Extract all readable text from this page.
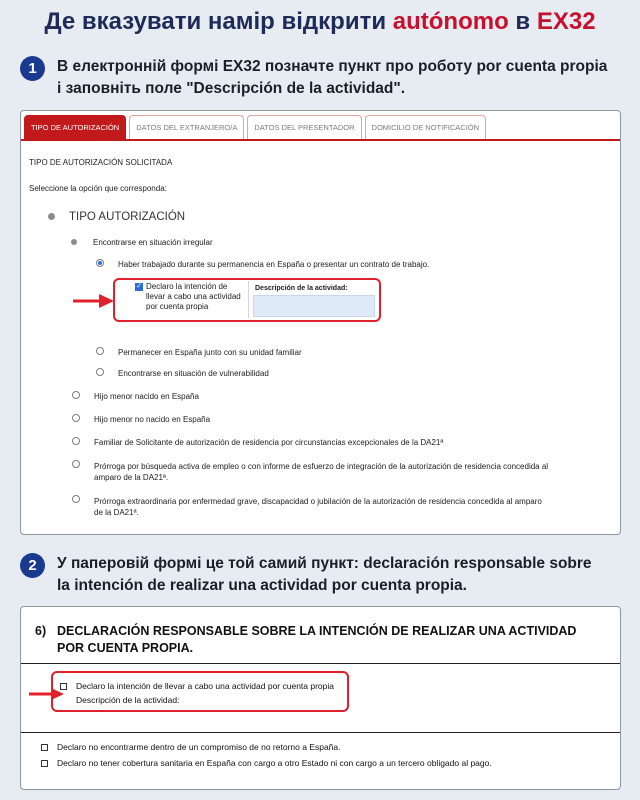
Де вказувати намір відкрити autónomo в EX32
1	В електронній формі EX32 позначте пункт про роботу por cuenta propia
і заповніть поле "Descripción de la actividad".
TIPO DE AUTORIZACIÓN	DATOS DEL EXTRANJERO/A	DATOS DEL PRESENTADOR	DOMICILIO DE NOTIFICACIÓN
TIPO DE AUTORIZACIÓN SOLICITADA
Seleccione la opción que corresponda:
TIPO AUTORIZACIÓN
Encontrarse en situación irregular
Haber trabajado durante su permanencia en España o presentar un contrato de trabajo.
✓ Declaro la intención de
llevar a cabo una actividad
por cuenta propia
Descripción de la actividad:
Permanecer en España junto con su unidad familiar
Encontrarse en situación de vulnerabilidad
Hijo menor nacido en España
Hijo menor no nacido en España
Familiar de Solicitante de autorización de residencia por circunstancias excepcionales de la DA21ª
Prórroga por búsqueda activa de empleo o con informe de esfuerzo de integración de la autorización de residencia concedida al
amparo de la DA21ª.
Prórroga extraordinaria por enfermedad grave, discapacidad o jubilación de la autorización de residencia concedida al amparo
de la DA21ª.
2	У паперовій формі це той самий пункт: declaración responsable sobre
la intención de realizar una actividad por cuenta propia.
6) DECLARACIÓN RESPONSABLE SOBRE LA INTENCIÓN DE REALIZAR UNA ACTIVIDAD
POR CUENTA PROPIA.
Declaro la intención de llevar a cabo una actividad por cuenta propia
Descripción de la actividad:
Declaro no encontrarme dentro de un compromiso de no retorno a España.
Declaro no tener cobertura sanitaria en España con cargo a otro Estado ni con cargo a un tercero obligado al pago.
